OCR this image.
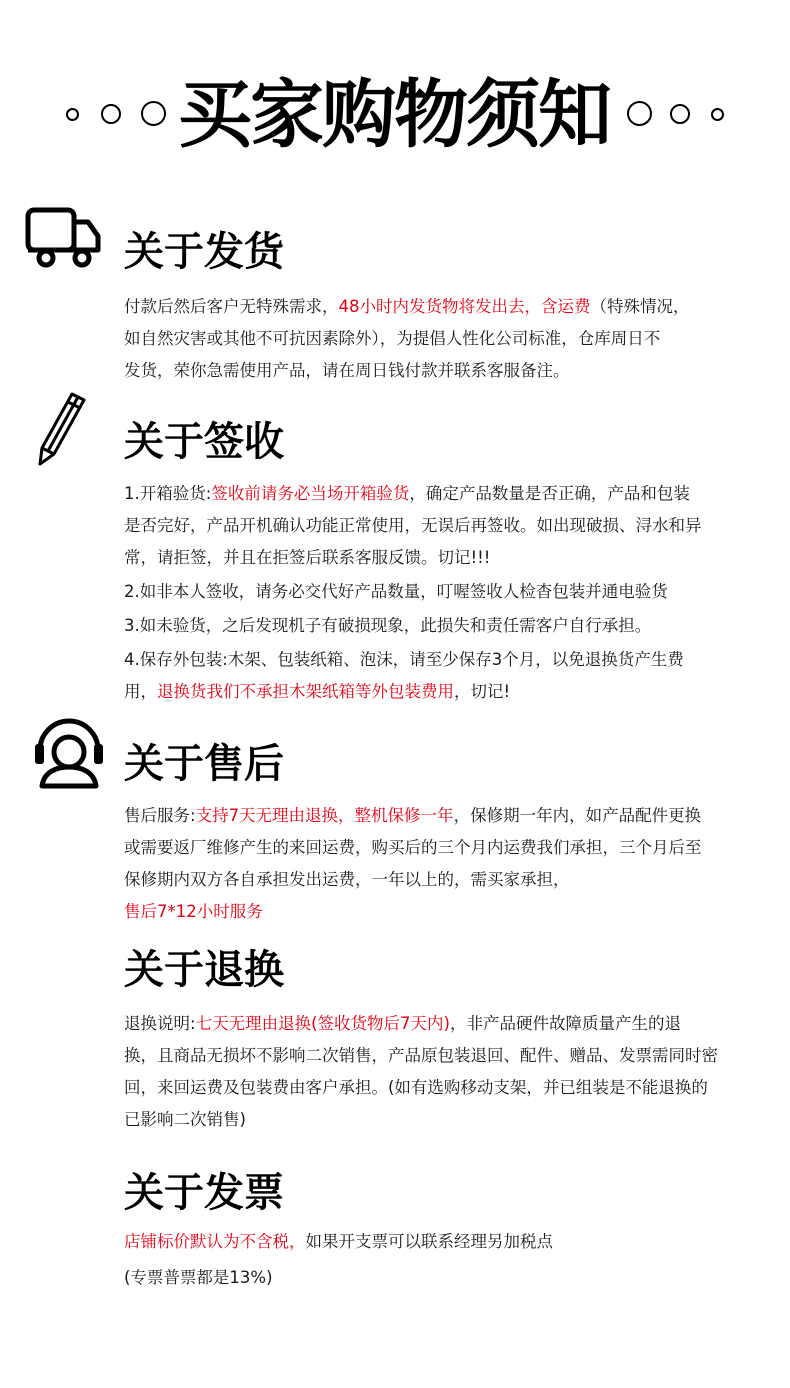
买家购物须知
关于发货
付款后然后客户无特殊需求，48小时内发货物将发出去，含运费（特殊情况，
如自然灾害或其他不可抗因素除外），为提倡人性化公司标准，仓库周日不
发货，荣你急需使用产品，请在周日钱付款并联系客服备注。
关于签收
1.开箱验货:签收前请务必当场开箱验货，确定产品数量是否正确，产品和包装
是否完好，产品开机确认功能正常使用，无误后再签收。如出现破损、浔水和异
常，请拒签，并且在拒签后联系客服反馈。切记!!!
2.如非本人签收，请务必交代好产品数量，叮喔签收人检杳包装并通电验货
3.如未验货，之后发现机子有破损现象，此损失和责任需客户自行承担。
4.保存外包装:木架、包装纸箱、泡沫，请至少保存3个月，以免退换货产生费
用，退换货我们不承担木架纸箱等外包装费用，切记!
关于售后
售后服务:支持7天无理由退换，整机保修一年，保修期一年内，如产品配件更换
或需要返厂维修产生的来回运费，购买后的三个月内运费我们承担，三个月后至
保修期内双方各自承担发出运费，一年以上的，需买家承担，
售后7*12小时服务
关于退换
退换说明:七天无理由退换(签收货物后7天内)，非产品硬件故障质量产生的退
换，且商品无损坏不影响二次销售，产品原包装退回、配件、赠品、发票需同时密
回，来回运费及包装费由客户承担。(如有选购移动支架，并已组装是不能退换的
已影响二次销售)
关于发票
店铺标价默认为不含税，如果开支票可以联系经理另加税点
(专票普票都是13%)
